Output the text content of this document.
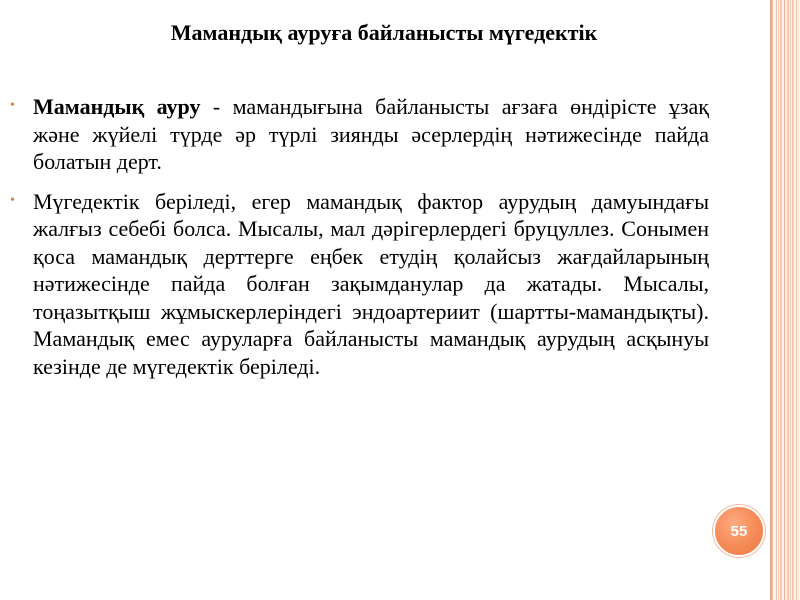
Мамандық ауруға байланысты мүгедектік

• Мамандық ауру - мамандығына байланысты ағзаға өндірісте ұзақ және жүйелі түрде әр түрлі зиянды әсерлердің нәтижесінде пайда болатын дерт.

• Мүгедектік беріледі, егер мамандық фактор аурудың дамуындағы жалғыз себебі болса. Мысалы, мал дәрігерлердегі бруцуллез. Сонымен қоса мамандық дерттерге еңбек етудің қолайсыз жағдайларының нәтижесінде пайда болған зақымданулар да жатады. Мысалы, тоңазытқыш жұмыскерлеріндегі эндоартериит (шартты-мамандықты). Мамандық емес ауруларға байланысты мамандық аурудың асқынуы кезінде де мүгедектік беріледі.

55
